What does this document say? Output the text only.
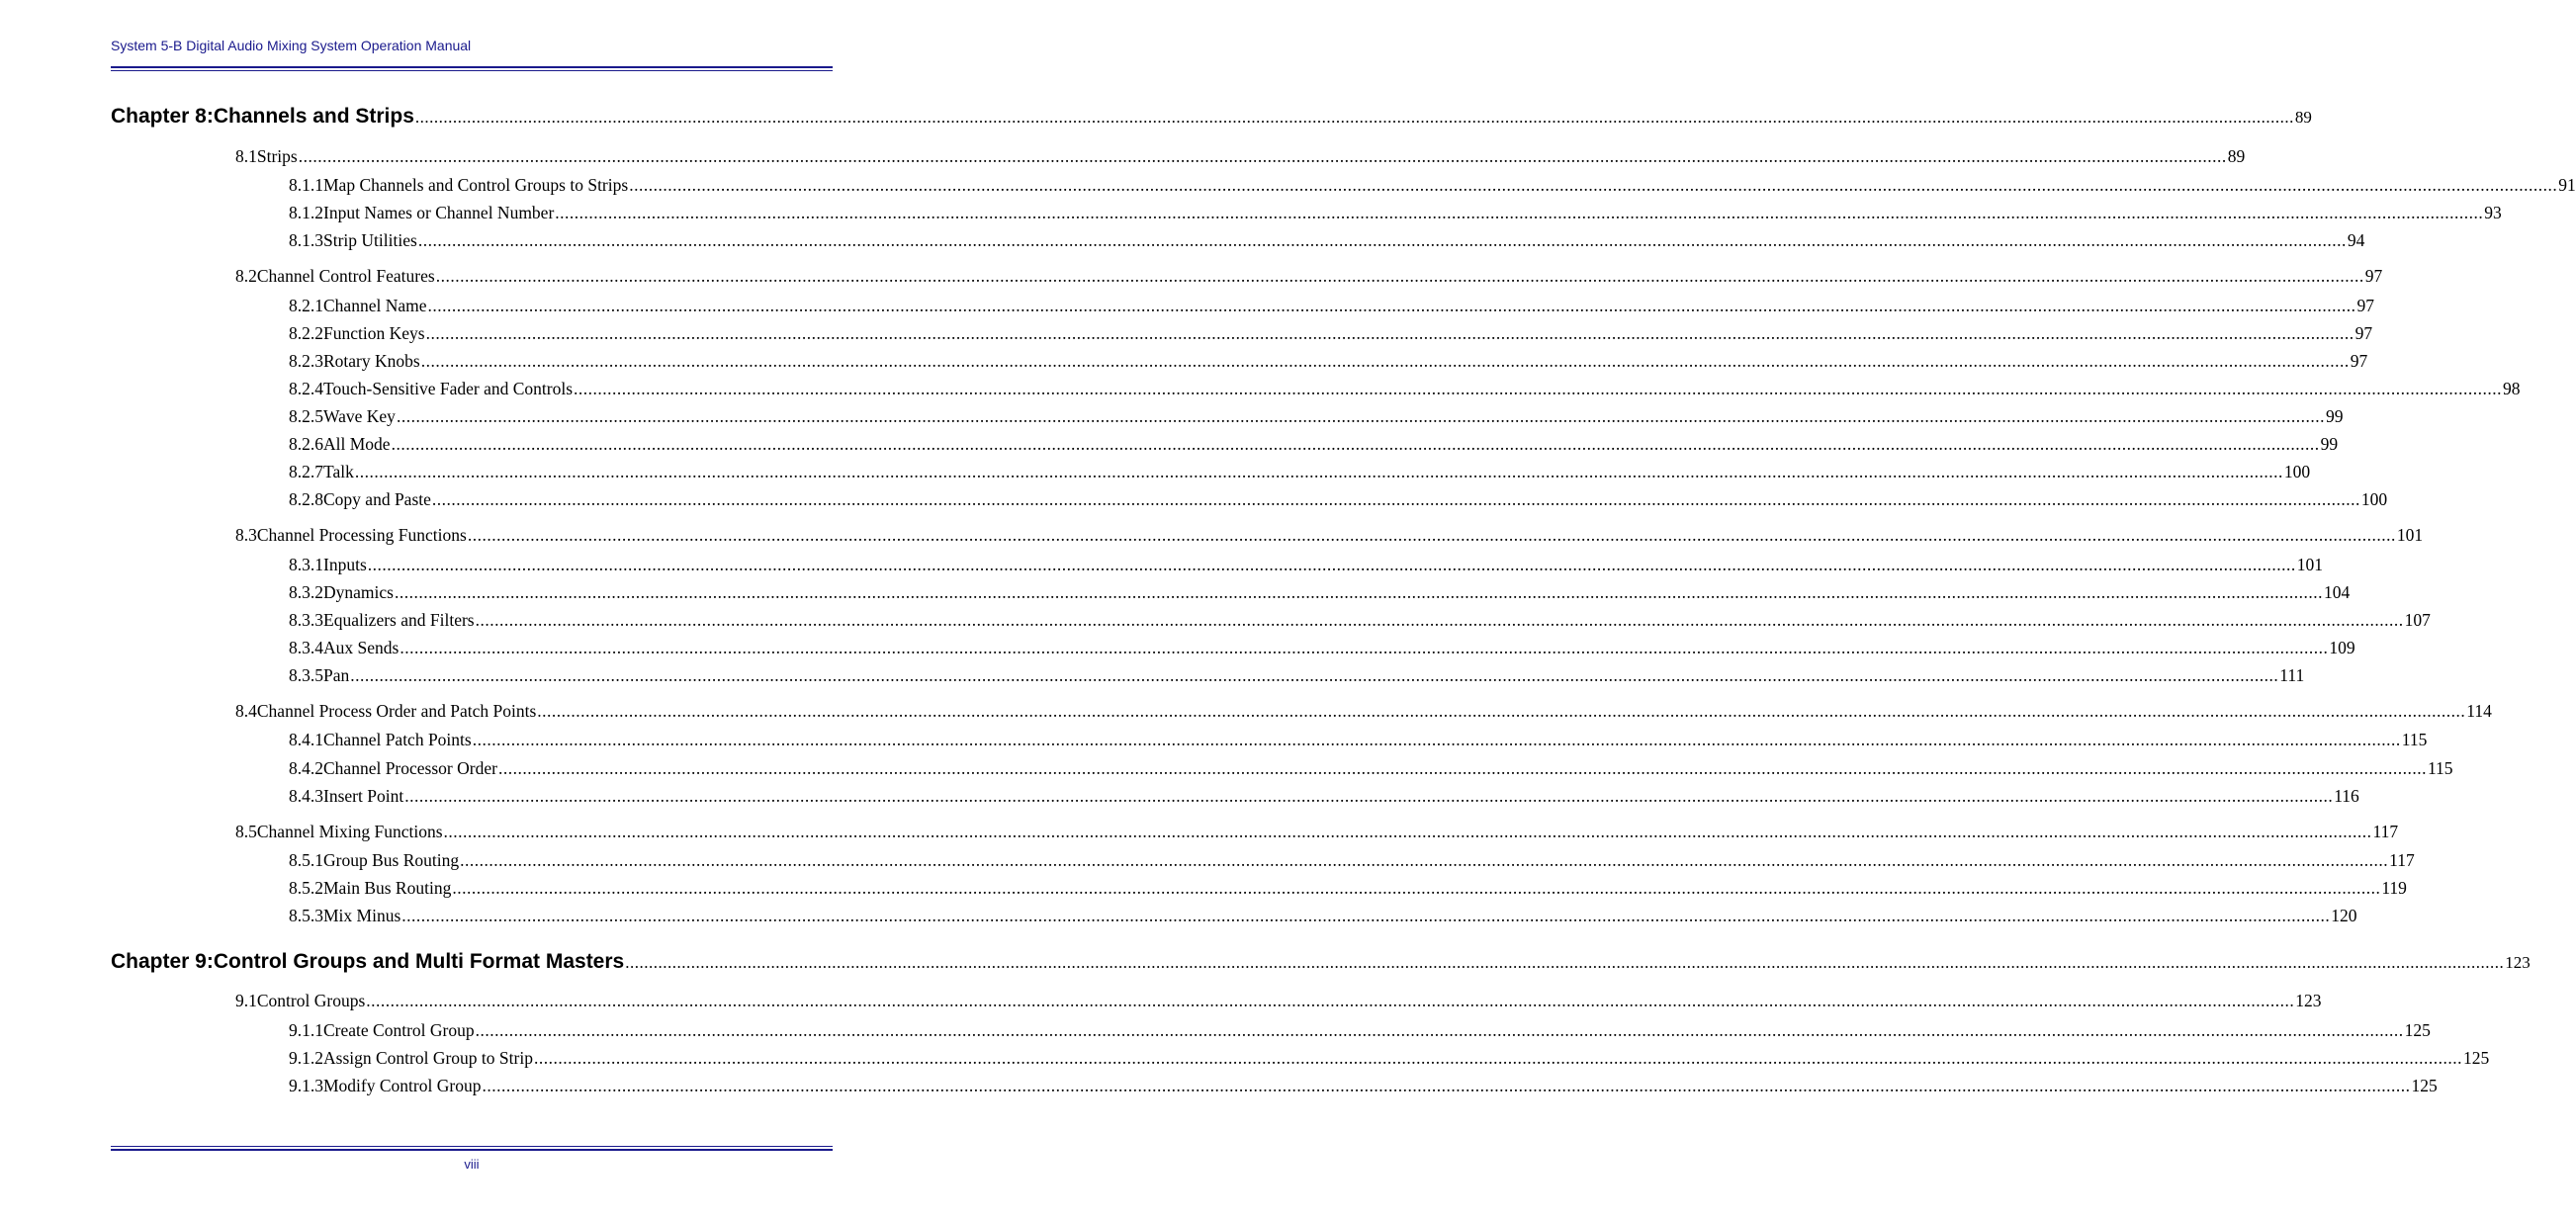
System 5-B Digital Audio Mixing System Operation Manual
Chapter 8: Channels and Strips ................................................................................................................................................................................................................................................................................................................................................................................................................ 89
8.1 Strips ................................................................................................................................................................................................................................................................................................................................................................................................................ 89
8.1.1 Map Channels and Control Groups to Strips ................................................................................................................................................................................................................................................................................................................................................................................................................ 91
8.1.2 Input Names or Channel Number ................................................................................................................................................................................................................................................................................................................................................................................................................ 93
8.1.3 Strip Utilities ................................................................................................................................................................................................................................................................................................................................................................................................................ 94
8.2 Channel Control Features ................................................................................................................................................................................................................................................................................................................................................................................................................ 97
8.2.1 Channel Name ................................................................................................................................................................................................................................................................................................................................................................................................................ 97
8.2.2 Function Keys ................................................................................................................................................................................................................................................................................................................................................................................................................ 97
8.2.3 Rotary Knobs ................................................................................................................................................................................................................................................................................................................................................................................................................ 97
8.2.4 Touch-Sensitive Fader and Controls ................................................................................................................................................................................................................................................................................................................................................................................................................ 98
8.2.5 Wave Key ................................................................................................................................................................................................................................................................................................................................................................................................................ 99
8.2.6 All Mode ................................................................................................................................................................................................................................................................................................................................................................................................................ 99
8.2.7 Talk ................................................................................................................................................................................................................................................................................................................................................................................................................ 100
8.2.8 Copy and Paste ................................................................................................................................................................................................................................................................................................................................................................................................................ 100
8.3 Channel Processing Functions ................................................................................................................................................................................................................................................................................................................................................................................................................ 101
8.3.1 Inputs ................................................................................................................................................................................................................................................................................................................................................................................................................ 101
8.3.2 Dynamics ................................................................................................................................................................................................................................................................................................................................................................................................................ 104
8.3.3 Equalizers and Filters ................................................................................................................................................................................................................................................................................................................................................................................................................ 107
8.3.4 Aux Sends ................................................................................................................................................................................................................................................................................................................................................................................................................ 109
8.3.5 Pan ................................................................................................................................................................................................................................................................................................................................................................................................................ 111
8.4 Channel Process Order and Patch Points ................................................................................................................................................................................................................................................................................................................................................................................................................ 114
8.4.1 Channel Patch Points ................................................................................................................................................................................................................................................................................................................................................................................................................ 115
8.4.2 Channel Processor Order ................................................................................................................................................................................................................................................................................................................................................................................................................ 115
8.4.3 Insert Point ................................................................................................................................................................................................................................................................................................................................................................................................................ 116
8.5 Channel Mixing Functions ................................................................................................................................................................................................................................................................................................................................................................................................................ 117
8.5.1 Group Bus Routing ................................................................................................................................................................................................................................................................................................................................................................................................................ 117
8.5.2 Main Bus Routing ................................................................................................................................................................................................................................................................................................................................................................................................................ 119
8.5.3 Mix Minus ................................................................................................................................................................................................................................................................................................................................................................................................................ 120
Chapter 9: Control Groups and Multi Format Masters ................................................................................................................................................................................................................................................................................................................................................................................................................ 123
9.1 Control Groups ................................................................................................................................................................................................................................................................................................................................................................................................................ 123
9.1.1 Create Control Group ................................................................................................................................................................................................................................................................................................................................................................................................................ 125
9.1.2 Assign Control Group to Strip ................................................................................................................................................................................................................................................................................................................................................................................................................ 125
9.1.3 Modify Control Group ................................................................................................................................................................................................................................................................................................................................................................................................................ 125
viii
